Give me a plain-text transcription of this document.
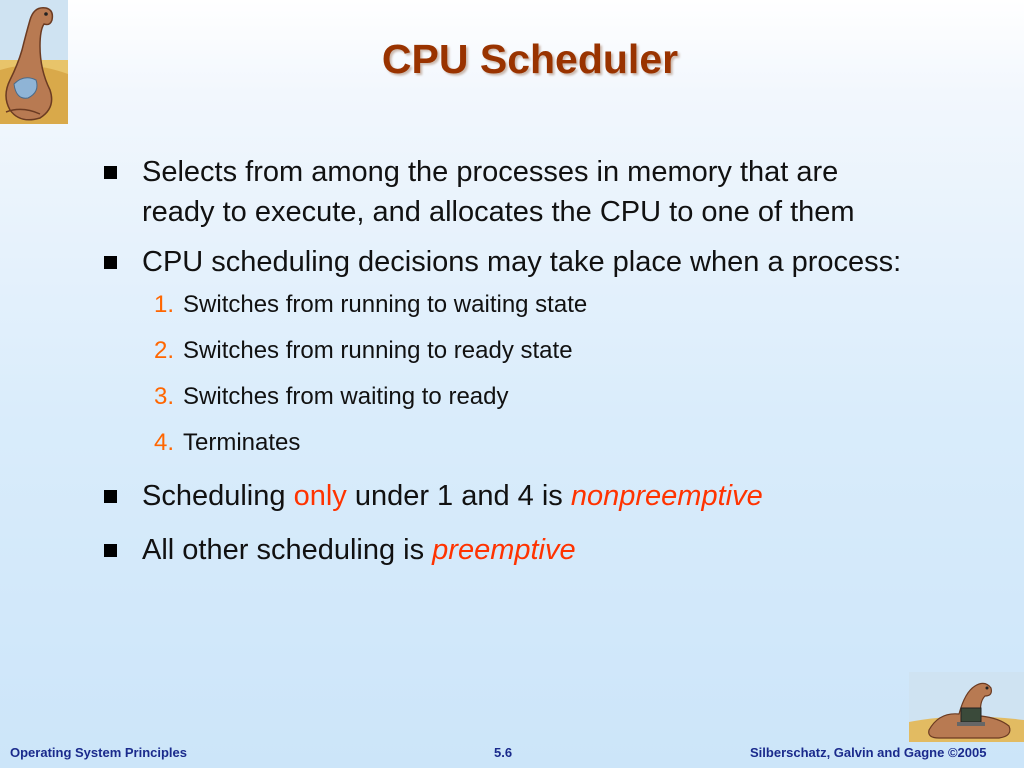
CPU Scheduler
Selects from among the processes in memory that are ready to execute, and allocates the CPU to one of them
CPU scheduling decisions may take place when a process:
1. Switches from running to waiting state
2. Switches from running to ready state
3. Switches from waiting to ready
4. Terminates
Scheduling only under 1 and 4 is nonpreemptive
All other scheduling is preemptive
Operating System Principles	5.6	Silberschatz, Galvin and Gagne ©2005
